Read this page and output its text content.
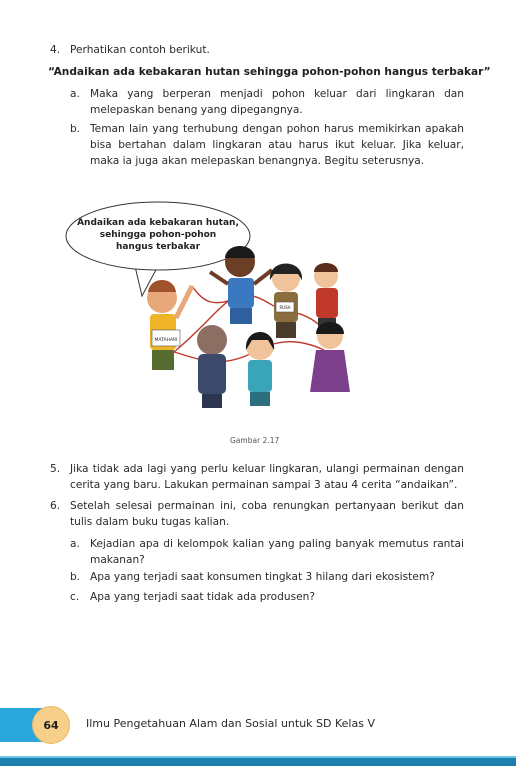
4. Perhatikan contoh berikut.
“Andaikan ada kebakaran hutan sehingga pohon-pohon hangus terbakar”
a. Maka yang berperan menjadi pohon keluar dari lingkaran dan melepaskan benang yang dipegangnya.
b. Teman lain yang terhubung dengan pohon harus memikirkan apakah bisa bertahan dalam lingkaran atau harus ikut keluar. Jika keluar, maka ia juga akan melepaskan benangnya. Begitu seterusnya.
Andaikan ada kebakaran hutan,
sehingga pohon-pohon
hangus terbakar
MATAHARI
RUSA
Gambar 2.17
5. Jika tidak ada lagi yang perlu keluar lingkaran, ulangi permainan dengan cerita yang baru. Lakukan permainan sampai 3 atau 4 cerita “andaikan”.
6. Setelah selesai permainan ini, coba renungkan pertanyaan berikut dan tulis dalam buku tugas kalian.
a. Kejadian apa di kelompok kalian yang paling banyak memutus rantai makanan?
b. Apa yang terjadi saat konsumen tingkat 3 hilang dari ekosistem?
c. Apa yang terjadi saat tidak ada produsen?
64	Ilmu Pengetahuan Alam dan Sosial untuk SD Kelas V
